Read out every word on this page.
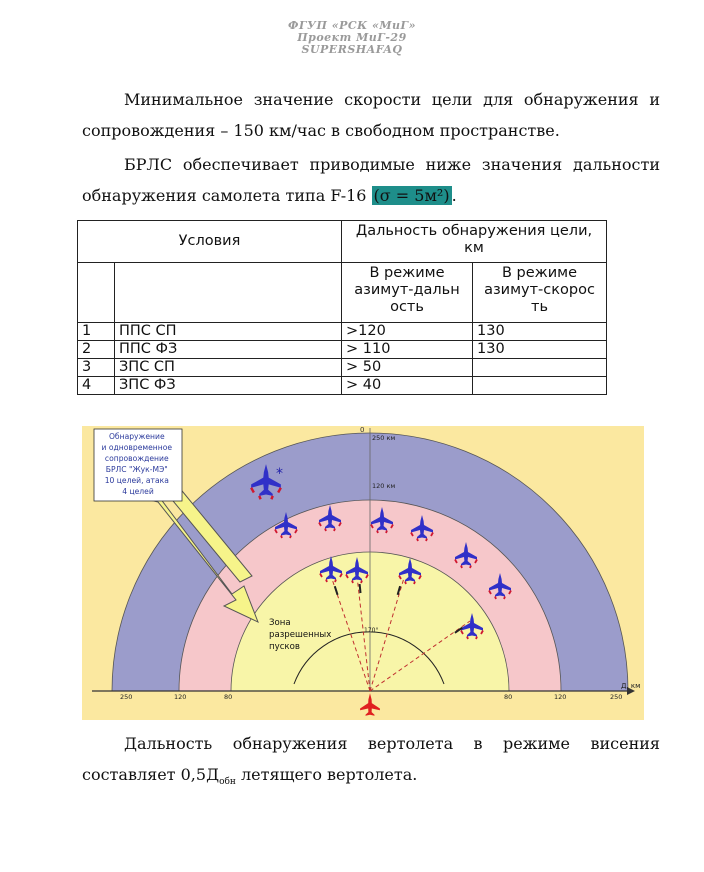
ФГУП «РСК «МиГ»
Проект МиГ-29
SUPERSHAFAQ
Минимальное значение скорости цели для обнаружения и сопровождения – 150 км/час в свободном пространстве.
БРЛС обеспечивает приводимые ниже значения дальности обнаружения самолета типа F-16 (σ = 5м²) .
Условия		Дальность обнаружения цели, км	
		В режиме азимут-дальн ость	В режиме азимут-скорос ть
1	ППС СП	>120	130
2	ППС ФЗ	> 110	130
3	ЗПС СП	> 50	
4	ЗПС ФЗ	> 40	
0
250 км
120 км
170°
Д, км
250	120	80	80	120	250
*
Обнаружение и одновременное сопровождение БРЛС "Жук-МЭ" 10 целей, атака 4 целей
Зона разрешенных пусков
Дальность обнаружения вертолета в режиме висения составляет $0,5Д_{обн}$ летящего вертолета.
